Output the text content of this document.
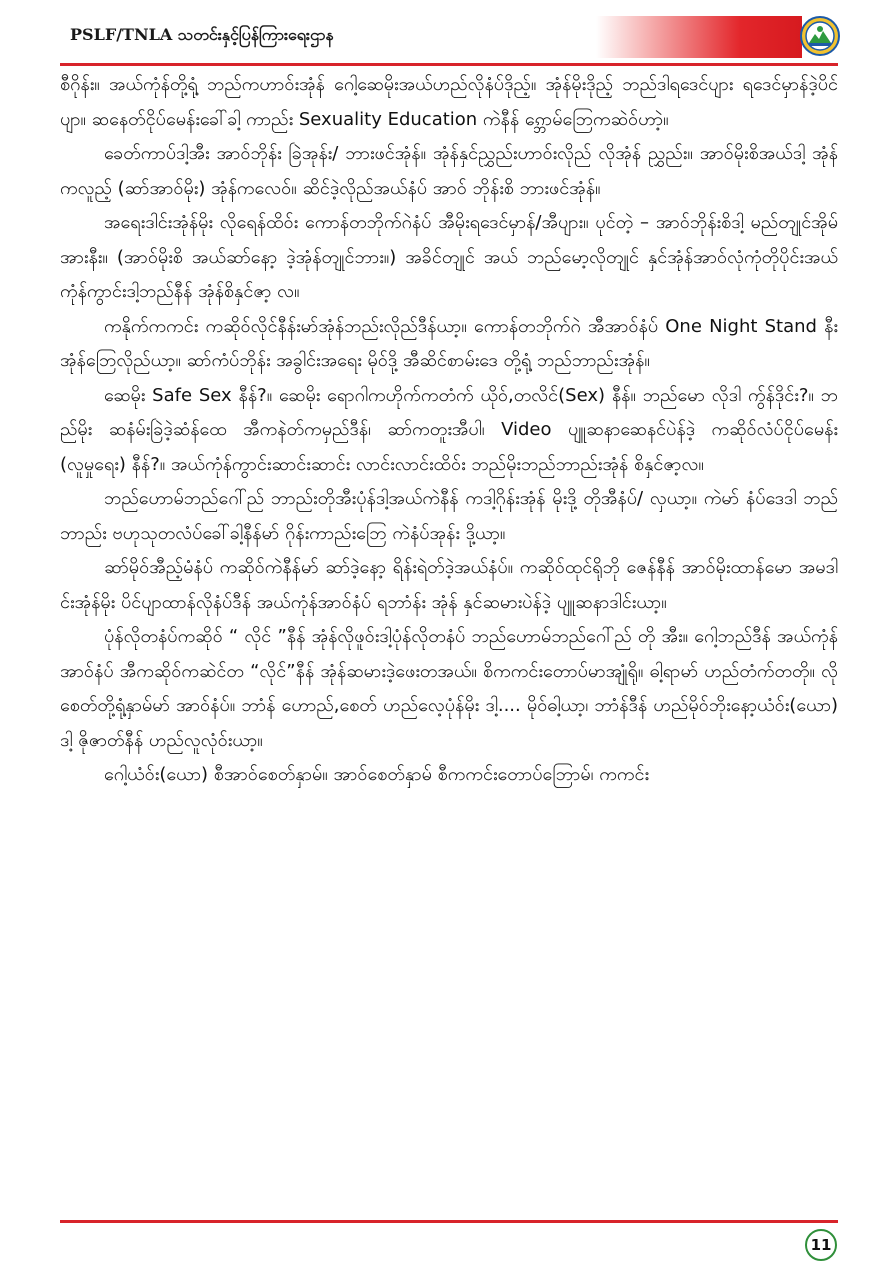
PSLF/TNLA သတင်းနှင့်ပြန်ကြားရေးဌာန

စီဂိုန်း။ အယ်ကုံန်တို့ရုံ့ ဘည်ကဟာဝ်းအုံန် ဂေါ့ဆေမိုးအယ်ဟည်လိုနံပ်ဒိုည့်။ အုံန်မိုးဒိုည့် ဘည်ဒါရဒေင်ပျား ရဒေင်မှာန်ဒဲ့ပိင်ပျာ။ ဆနေတ်ငိုပ်မေန်းခေါ်ခါ့ ကာည်း Sexuality Education ကဲနီန် ၵ္ဘောမ်ဘြေကဆဲဝ်ဟာဲ့။

ခေတ်ကာပ်ဒါ့အီး အာဝ်ဘိုန်း ခြဲအုန်း/ ဘားဖင်အုံန်။ အုံန်နှင်ညွှည်းဟာဝ်းလိုည် လိုအုံန် ညွှည်း။ အာဝ်မိုးစိအယ်ဒါ့ အုံန်ကလူည့် (ဆာ်အာဝ်မိုး) အုံန်ကလေဝ်။ ဆိင်ဒဲ့လိုည်အယ်နံပ် အာဝ် ဘိုန်းစိ ဘားဖင်အုံန်။

အရေးဒါင်းအုံန်မိုး လိုရေန်ထိဝ်း ကောန်တဘိုက်ဂဲနံပ် အီမိုးရဒေင်မှာန်/အီပျား။ ပုင်တဲ့ – အာဝ်ဘိုန်းစိဒါ့ မည်တျုင်အိုမ်အားနီး။ (အာဝ်မိုးစိ အယ်ဆာ်နော့ ဒဲ့အုံန်တျုင်ဘား။) အခိင်တျုင် အယ် ဘည်မော့လိုတျုင် နှင်အုံန်အာဝ်လုံကုံတိုပိုင်းအယ် ကုံန်ကွာင်းဒါ့ဘည်နီန် အုံန်စိနှင်ဇာ့ လ။

ကနိုက်ကကင်း ကဆိုဝ်လိုင်နီန်းမာ်အုံန်ဘည်းလိုည်ဒီန်ယာ့။ ကောန်တဘိုက်ဂဲ အီအာဝ်နံပ် One Night Stand နီး အုံန်ဘြေလိုည်ယာ့။ ဆာ်ကံပ်ဘိုန်း အခွါင်းအရေး မိုဝ်ဒို့ အီဆိင်စာမ်းဒေ တို့ရုံ့ ဘည်ဘာည်းအုံန်။

ဆေမိုး Safe Sex နီန်?။ ဆေမိုး ရောဂါကဟိုက်ကတံက် ယိုဝ်,တလိင်(Sex) နီန်။ ဘည်မော လိုဒါ ကွ်န်ဒိုင်း?။ ဘည်မိုး ဆနံမ်းခြဲဒဲ့ဆံန်ထေ အီကနဲတ်ကမှည်ဒီန်၊ ဆာ်ကတူးအီပါ၊ Video ပျူဆနာဆေနင်ပဲန်ဒဲ့ ကဆိုဝ်လံပ်ငိုပ်မေန်း (လူမှုရေး) နီန်?။ အယ်ကုံန်ကွာင်းဆာင်းဆာင်း လာင်းလာင်းထိဝ်း ဘည်မိုးဘည်ဘာည်းအုံန် စိနှင်ဇာ့လ။

ဘည်ဟောမ်ဘည်ဂေါ်ည် ဘာည်းတိုအီးပုံန်ဒါ့အယ်ကဲနီန် ကဒါ့ဂိုန်းအုံန် မိုးဒို့ တိုအီနံပ်/ လှယာ့။ ကဲမာ် နံပ်ဒေဒါ ဘည်ဘာည်း ဗဟုသုတလံပ်ခေါ်ခါ့နီန်မာ် ဂိုန်းကာည်းဘြေ ကဲနံပ်အုန်း ဒို့ယာ့။

ဆာ်မိုဝ်အီည့်မံနံပ် ကဆိုဝ်ကဲနီန်မာ် ဆာ်ဒဲ့နော့ ရိန်းရဲတ်ဒဲ့အယ်နံပ်။ ကဆိုဝ်ထုင်ရိုဘို ဇေန်နီန် အာဝ်မိုးထာန်မော အမဒါင်းအုံန်မိုး ပိင်ပျာထာန်လိုနံပ်ဒီန် အယ်ကုံန်အာဝ်နံပ် ရဘာံန်း အုံန် နှင်ဆမားပဲန်ဒဲ့ ပျူဆနာဒါင်းယာ့။

ပုံန်လိုတနံပ်ကဆိုဝ် “ လိုင် ”နီန် အုံန်လိုဖူဝ်းဒါ့ပုံန်လိုတနံပ် ဘည်ဟောမ်ဘည်ဂေါ်ည် တို အီး။ ဂေါ့ဘည်ဒီန် အယ်ကုံန်အာဝ်နံပ် အီကဆိုဝ်ကဆဲင်တ “လိုင်”နီန် အုံန်ဆမားဒဲ့ဖေးတအယ်။ စိကကင်းတောပ်မာအျုံရို။ ဓါ့ရာမာ် ဟည်တံက်တတို။ လိုစေတ်တို့ရုံ့နှာမ်မာ် အာဝ်နံပ်။ ဘာံန် ဟောည်,စေတ် ဟည်လေ့ပုံန်မိုး ဒါ့.... မိုဝ်ဓါ့ယာ့၊ ဘာံန်ဒီန် ဟည်မိုဝ်ဘိုးနော့ယံဝ်း(ယော) ဒါ့ ဇိုဇာတ်နီန် ဟည်လူလုံဝ်းယာ့။

ဂေါ့ယံဝ်း(ယော) စီအာဝ်စေတ်နှာမ်။ အာဝ်စေတ်နှာမ် စီကကင်းတောပ်ဘြောမ်၊ ကကင်း

11
